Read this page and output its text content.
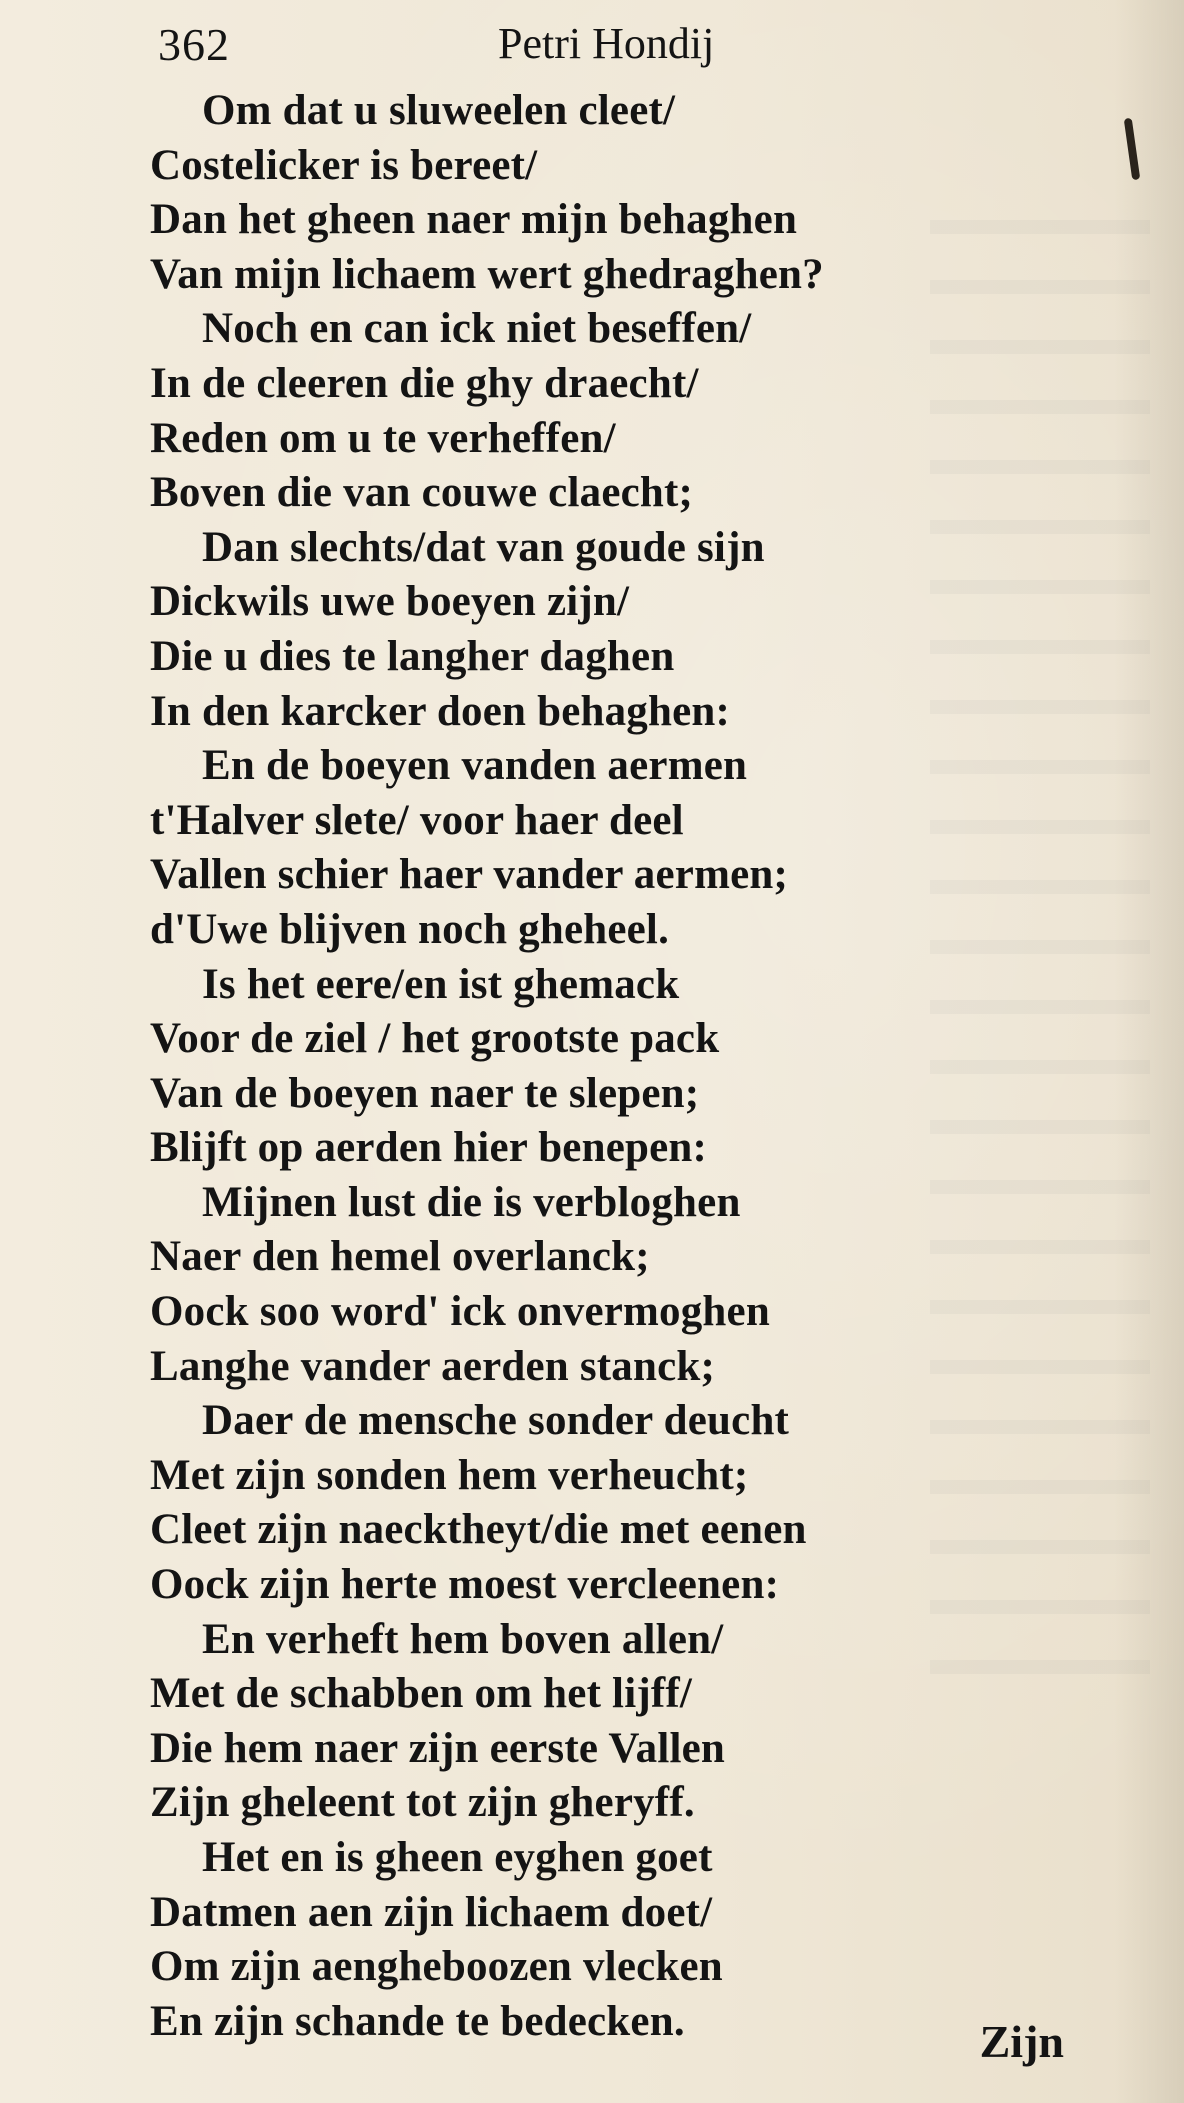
362	Petri Hondij
Om dat u sluweelen cleet/
Costelicker is bereet/
Dan het gheen naer mijn behaghen
Van mijn lichaem wert ghedraghen?
Noch en can ick niet beseffen/
In de cleeren die ghy draecht/
Reden om u te verheffen/
Boven die van couwe claecht;
Dan slechts/dat van goude sijn
Dickwils uwe boeyen zijn/
Die u dies te langher daghen
In den karcker doen behaghen:
En de boeyen vanden aermen
t'Halver slete/ voor haer deel
Vallen schier haer vander aermen;
d'Uwe blijven noch gheheel.
Is het eere/en ist ghemack
Voor de ziel / het grootste pack
Van de boeyen naer te slepen;
Blijft op aerden hier benepen:
Mijnen lust die is verbloghen
Naer den hemel overlanck;
Oock soo word' ick onvermoghen
Langhe vander aerden stanck;
Daer de mensche sonder deucht
Met zijn sonden hem verheucht;
Cleet zijn naecktheyt/die met eenen
Oock zijn herte moest vercleenen:
En verheft hem boven allen/
Met de schabben om het lijff/
Die hem naer zijn eerste Vallen
Zijn gheleent tot zijn gheryff.
Het en is gheen eyghen goet
Datmen aen zijn lichaem doet/
Om zijn aengheboozen vlecken
En zijn schande te bedecken.	Zijn
